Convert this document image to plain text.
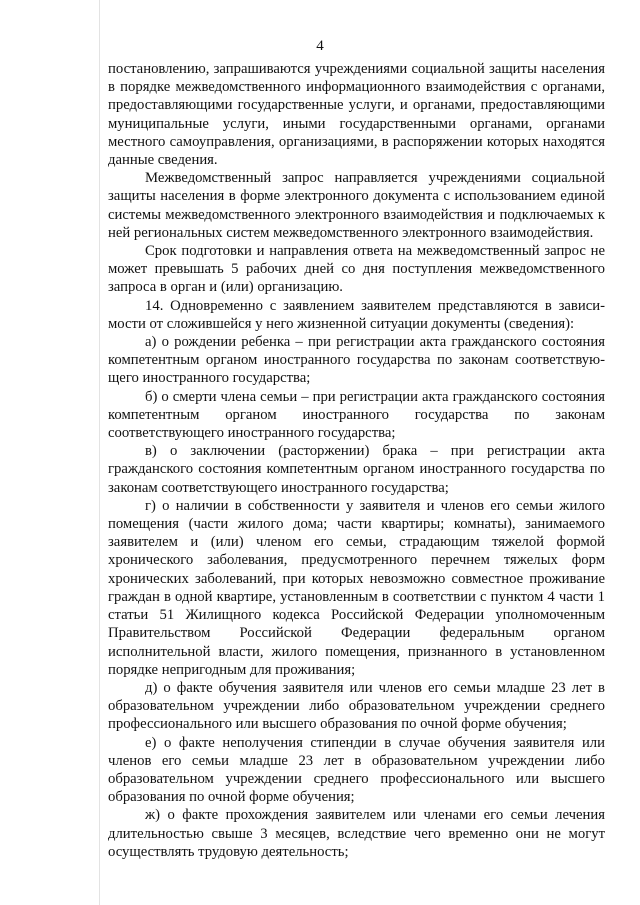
4

постановлению, запрашиваются учреждениями социальной защиты населения в порядке межведомственного информационного взаимодействия с органами, предоставляющими государственные услуги, и органами, предоставляющими муниципальные услуги, иными государственными органами, органами местного самоуправления, организациями, в распоряжении которых находятся данные сведения.

Межведомственный запрос направляется учреждениями социальной защиты населения в форме электронного документа с использованием единой системы межведомственного электронного взаимодействия и подключаемых к ней региональных систем межведомственного электронного взаимодействия.

Срок подготовки и направления ответа на межведомственный запрос не может превышать 5 рабочих дней со дня поступления межведомственного запроса в орган и (или) организацию.

14. Одновременно с заявлением заявителем представляются в зависимости от сложившейся у него жизненной ситуации документы (сведения):

а) о рождении ребенка – при регистрации акта гражданского состояния компетентным органом иностранного государства по законам соответствующего иностранного государства;

б) о смерти члена семьи – при регистрации акта гражданского состояния компетентным органом иностранного государства по законам соответствующего иностранного государства;

в) о заключении (расторжении) брака – при регистрации акта гражданского состояния компетентным органом иностранного государства по законам соответствующего иностранного государства;

г) о наличии в собственности у заявителя и членов его семьи жилого помещения (части жилого дома; части квартиры; комнаты), занимаемого заявителем и (или) членом его семьи, страдающим тяжелой формой хронического заболевания, предусмотренного перечнем тяжелых форм хронических заболеваний, при которых невозможно совместное проживание граждан в одной квартире, установленным в соответствии с пунктом 4 части 1 статьи 51 Жилищного кодекса Российской Федерации уполномоченным Правительством Российской Федерации федеральным органом исполнительной власти, жилого помещения, признанного в установленном порядке непригодным для проживания;

д) о факте обучения заявителя или членов его семьи младше 23 лет в образовательном учреждении либо образовательном учреждении среднего профессионального или высшего образования по очной форме обучения;

е) о факте неполучения стипендии в случае обучения заявителя или членов его семьи младше 23 лет в образовательном учреждении либо образовательном учреждении среднего профессионального или высшего образования по очной форме обучения;

ж) о факте прохождения заявителем или членами его семьи лечения длительностью свыше 3 месяцев, вследствие чего временно они не могут осуществлять трудовую деятельность;
